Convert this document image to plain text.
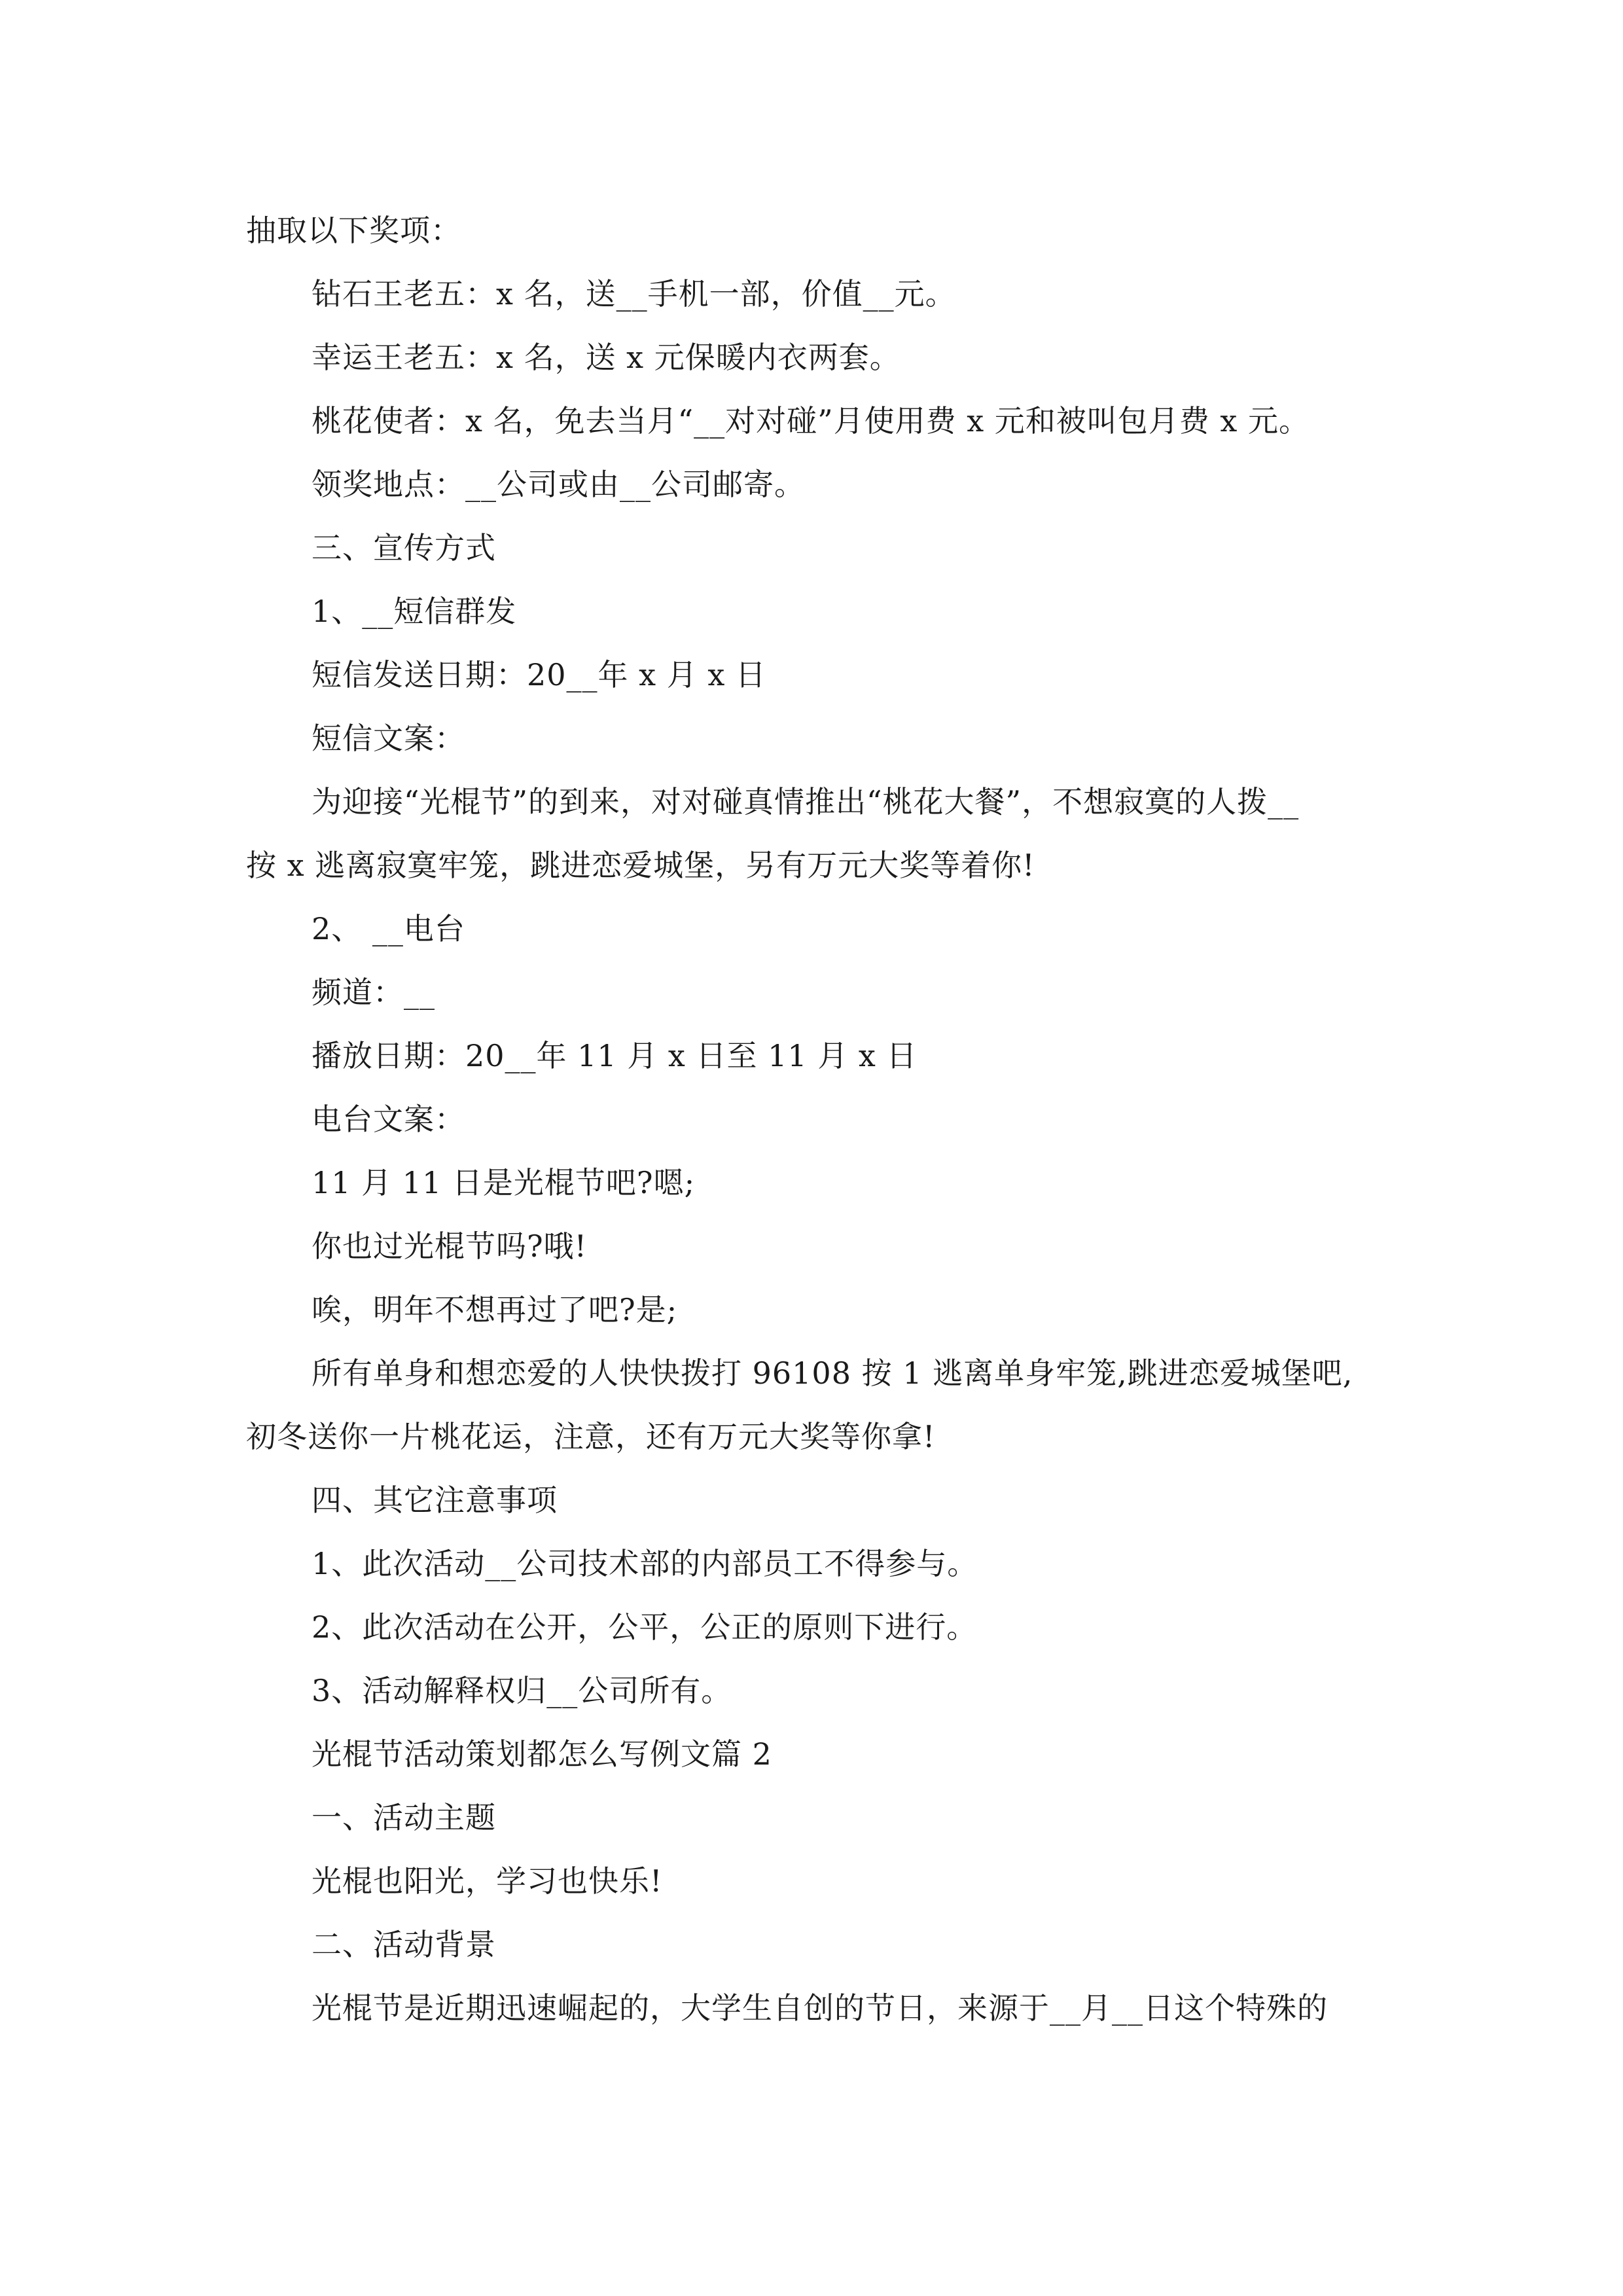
抽取以下奖项：
钻石王老五：x 名，送__手机一部，价值__元。
幸运王老五：x 名，送 x 元保暖内衣两套。
桃花使者：x 名，免去当月“__对对碰”月使用费 x 元和被叫包月费 x 元。
领奖地点：__公司或由__公司邮寄。
三、宣传方式
1、__短信群发
短信发送日期：20__年 x 月 x 日
短信文案：
为迎接“光棍节”的到来，对对碰真情推出“桃花大餐”，不想寂寞的人拨__
按 x 逃离寂寞牢笼，跳进恋爱城堡，另有万元大奖等着你!
2、 __电台
频道：__
播放日期：20__年 11 月 x 日至 11 月 x 日
电台文案：
11 月 11 日是光棍节吧?嗯;
你也过光棍节吗?哦!
唉，明年不想再过了吧?是;
所有单身和想恋爱的人快快拨打 96108 按 1 逃离单身牢笼,跳进恋爱城堡吧,
初冬送你一片桃花运，注意，还有万元大奖等你拿!
四、其它注意事项
1、此次活动__公司技术部的内部员工不得参与。
2、此次活动在公开，公平，公正的原则下进行。
3、活动解释权归__公司所有。
光棍节活动策划都怎么写例文篇 2
一、活动主题
光棍也阳光，学习也快乐!
二、活动背景
光棍节是近期迅速崛起的，大学生自创的节日，来源于__月__日这个特殊的
